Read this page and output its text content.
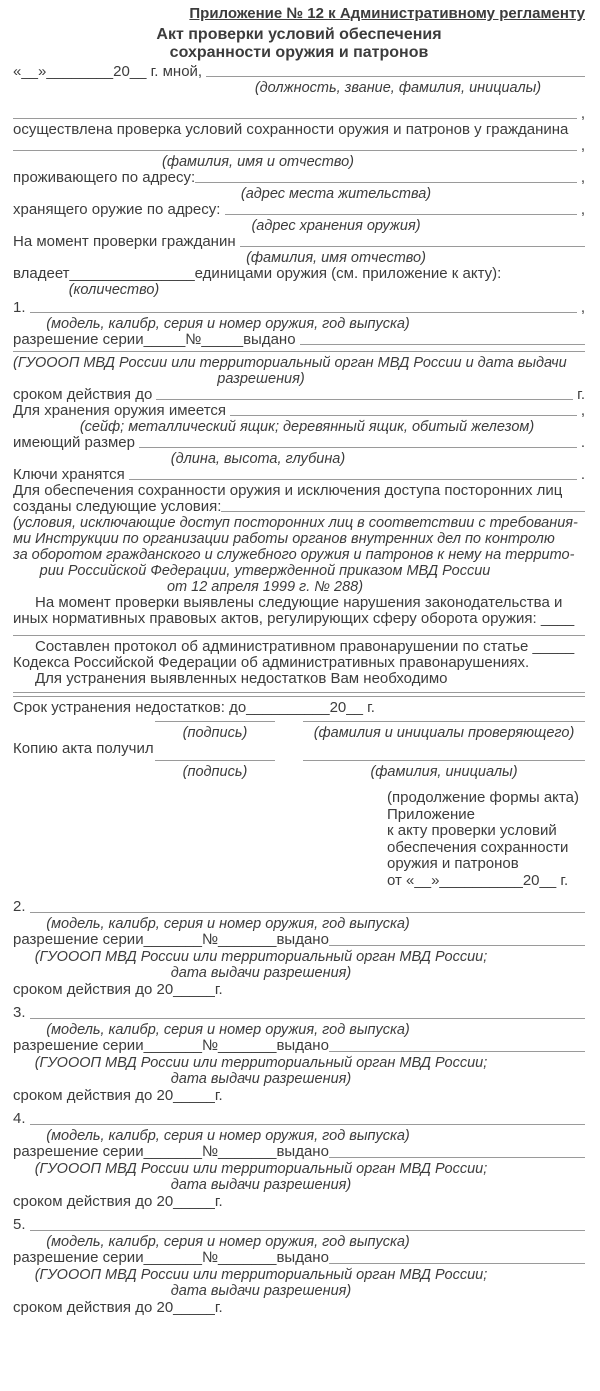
Приложение № 12 к Административному регламенту
Акт проверки условий обеспечения
сохранности оружия и патронов
«__»________20__ г. мной,
(должность, звание, фамилия, инициалы)
,
осуществлена проверка условий сохранности оружия и патронов у гражданина
,
(фамилия, имя и отчество)
проживающего по адресу:	,
(адрес места жительства)
хранящего оружие по адресу:	,
(адрес хранения оружия)
На момент проверки гражданин
(фамилия, имя отчество)
владеет _______________ единицами оружия (см. приложение к акту):
(количество)
1.	,
(модель, калибр, серия и номер оружия, год выпуска)
разрешение серии_____№_____выдано
(ГУОООП МВД России или территориальный орган МВД России и дата выдачи
разрешения)
сроком действия до	г.
Для хранения оружия имеется	,
(сейф; металлический ящик; деревянный ящик, обитый железом)
имеющий размер	.
(длина, высота, глубина)
Ключи хранятся	.
Для обеспечения сохранности оружия и исключения доступа посторонних лиц
созданы следующие условия:
(условия, исключающие доступ посторонних лиц в соответствии с требования-
ми Инструкции по организации работы органов внутренних дел по контролю
за оборотом гражданского и служебного оружия и патронов к нему на террито-
рии Российской Федерации, утвержденной приказом МВД России
от 12 апреля 1999 г. № 288)
На момент проверки выявлены следующие нарушения законодательства и
иных нормативных правовых актов, регулирующих сферу оборота оружия: ____
Составлен протокол об административном правонарушении по статье _____
Кодекса Российской Федерации об административных правонарушениях.
Для устранения выявленных недостатков Вам необходимо
Срок устранения недостатков: до__________20__ г.
(подпись)	(фамилия и инициалы проверяющего)
Копию акта получил
(подпись)	(фамилия, инициалы)
(продолжение формы акта)
Приложение
к акту проверки условий
обеспечения сохранности
оружия и патронов
от «__»__________20__ г.
2.
(модель, калибр, серия и номер оружия, год выпуска)
разрешение серии_______№_______выдано
(ГУОООП МВД России или территориальный орган МВД России;
дата выдачи разрешения)
сроком действия до 20_____г.
3.
(модель, калибр, серия и номер оружия, год выпуска)
разрешение серии_______№_______выдано
(ГУОООП МВД России или территориальный орган МВД России;
дата выдачи разрешения)
сроком действия до 20_____г.
4.
(модель, калибр, серия и номер оружия, год выпуска)
разрешение серии_______№_______выдано
(ГУОООП МВД России или территориальный орган МВД России;
дата выдачи разрешения)
сроком действия до 20_____г.
5.
(модель, калибр, серия и номер оружия, год выпуска)
разрешение серии_______№_______выдано
(ГУОООП МВД России или территориальный орган МВД России;
дата выдачи разрешения)
сроком действия до 20_____г.
